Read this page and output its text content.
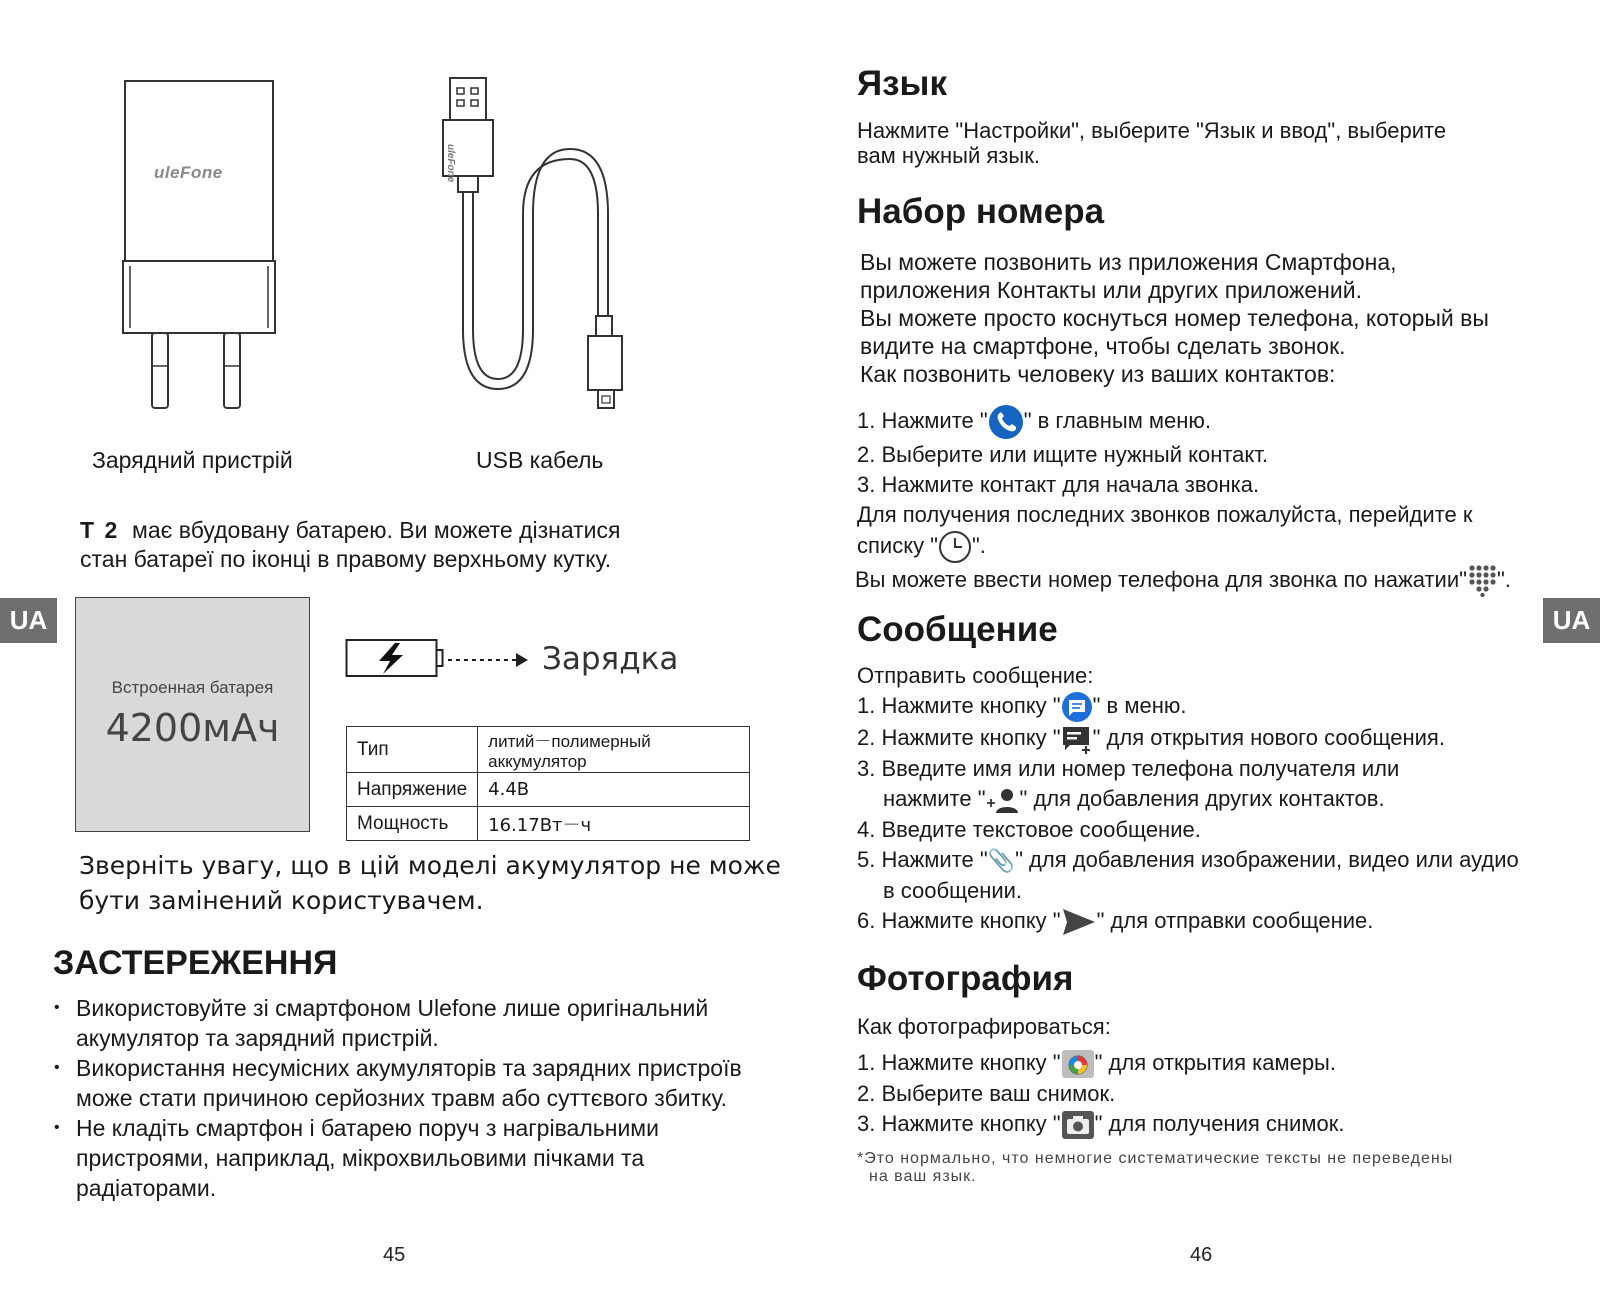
uleFone	uleFone
Зарядний пристрій	USB кабель
T 2 має вбудовану батарею. Ви можете дізнатися
стан батареї по іконці в правому верхньому кутку.
UA	UA
Встроенная батарея
4200мАч
Зарядка
Тип	литий－полимерный аккумулятор
Напряжение	4.4В
Мощность	16.17Вт－ч
Зверніть увагу, що в цій моделі акумулятор не може
бути замінений користувачем.
ЗАСТЕРЕЖЕННЯ
• Використовуйте зі смартфоном Ulefone лише оригінальний
акумулятор та зарядний пристрій.
• Використання несумісних акумуляторів та зарядних пристроїв
може стати причиною серйозних травм або суттєвого збитку.
• Не кладіть смартфон і батарею поруч з нагрівальними
пристроями, наприклад, мікрохвильовими пічками та
радіаторами.
45
Язык
Нажмите "Настройки", выберите "Язык и ввод", выберите
вам нужный язык.
Набор номера
Вы можете позвонить из приложения Смартфона,
приложения Контакты или других приложений.
Вы можете просто коснуться номер телефона, который вы
видите на смартфоне, чтобы сделать звонок.
Как позвонить человеку из ваших контактов:
1. Нажмите " " в главным меню.
2. Выберите или ищите нужный контакт.
3. Нажмите контакт для начала звонка.
Для получения последних звонков пожалуйста, перейдите к
списку " ".
Вы можете ввести номер телефона для звонка по нажатии" ".
Сообщение
Отправить сообщение:
1. Нажмите кнопку " " в меню.
2. Нажмите кнопку " " для открытия нового сообщения.
3. Введите имя или номер телефона получателя или
нажмите " " для добавления других контактов.
4. Введите текстовое сообщение.
5. Нажмите "📎" для добавления изображении, видео или аудио
в сообщении.
6. Нажмите кнопку " " для отправки сообщение.
Фотография
Как фотографироваться:
1. Нажмите кнопку " " для открытия камеры.
2. Выберите ваш снимок.
3. Нажмите кнопку " " для получения снимок.
*Это нормально, что немногие систематические тексты не переведены
на ваш язык.
46
